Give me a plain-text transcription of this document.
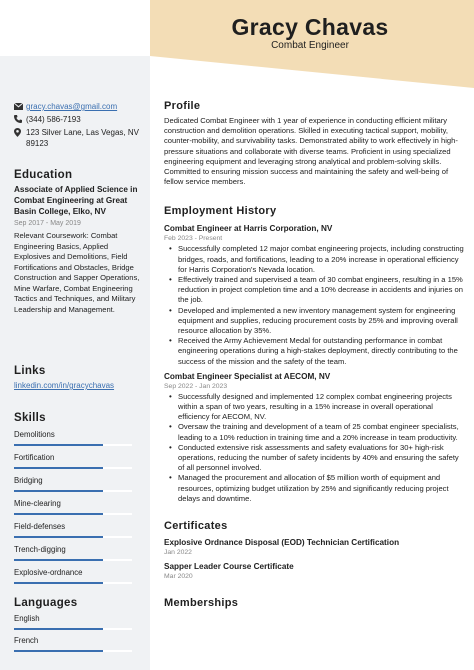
Gracy Chavas
Combat Engineer
gracy.chavas@gmail.com
(344) 586-7193
123 Silver Lane, Las Vegas, NV 89123
Education
Associate of Applied Science in Combat Engineering at Great Basin College, Elko, NV
Sep 2017 - May 2019
Relevant Coursework: Combat Engineering Basics, Applied Explosives and Demolitions, Field Fortifications and Obstacles, Bridge Construction and Sapper Operations, Mine Warfare, Combat Engineering Tactics and Techniques, and Military Leadership and Management.
Links
linkedin.com/in/gracychavas
Skills
Demolitions
Fortification
Bridging
Mine-clearing
Field-defenses
Trench-digging
Explosive-ordnance
Languages
English
French
Profile
Dedicated Combat Engineer with 1 year of experience in conducting efficient military construction and demolition operations. Skilled in executing tactical support, mobility, counter-mobility, and survivability tasks. Demonstrated ability to work effectively in high-pressure situations and collaborate with diverse teams. Proficient in using specialized engineering equipment and leveraging strong analytical and problem-solving skills. Committed to ensuring mission success and maintaining the safety and well-being of fellow service members.
Employment History
Combat Engineer at Harris Corporation, NV
Feb 2023 - Present
• Successfully completed 12 major combat engineering projects, including constructing bridges, roads, and fortifications, leading to a 20% increase in operational efficiency for Harris Corporation's Nevada location.
• Effectively trained and supervised a team of 30 combat engineers, resulting in a 15% reduction in project completion time and a 10% decrease in accidents and injuries on the job.
• Developed and implemented a new inventory management system for engineering equipment and supplies, reducing procurement costs by 25% and improving overall resource allocation by 35%.
• Received the Army Achievement Medal for outstanding performance in combat engineering operations during a high-stakes deployment, directly contributing to the success of the mission and the safety of the team.
Combat Engineer Specialist at AECOM, NV
Sep 2022 - Jan 2023
• Successfully designed and implemented 12 complex combat engineering projects within a span of two years, resulting in a 15% increase in overall operational efficiency for AECOM, NV.
• Oversaw the training and development of a team of 25 combat engineer specialists, leading to a 10% reduction in training time and a 20% increase in team productivity.
• Conducted extensive risk assessments and safety evaluations for 30+ high-risk operations, reducing the number of safety incidents by 40% and ensuring the safety of all personnel involved.
• Managed the procurement and allocation of $5 million worth of equipment and resources, optimizing budget utilization by 25% and significantly reducing project delays and downtime.
Certificates
Explosive Ordnance Disposal (EOD) Technician Certification
Jan 2022
Sapper Leader Course Certificate
Mar 2020
Memberships
